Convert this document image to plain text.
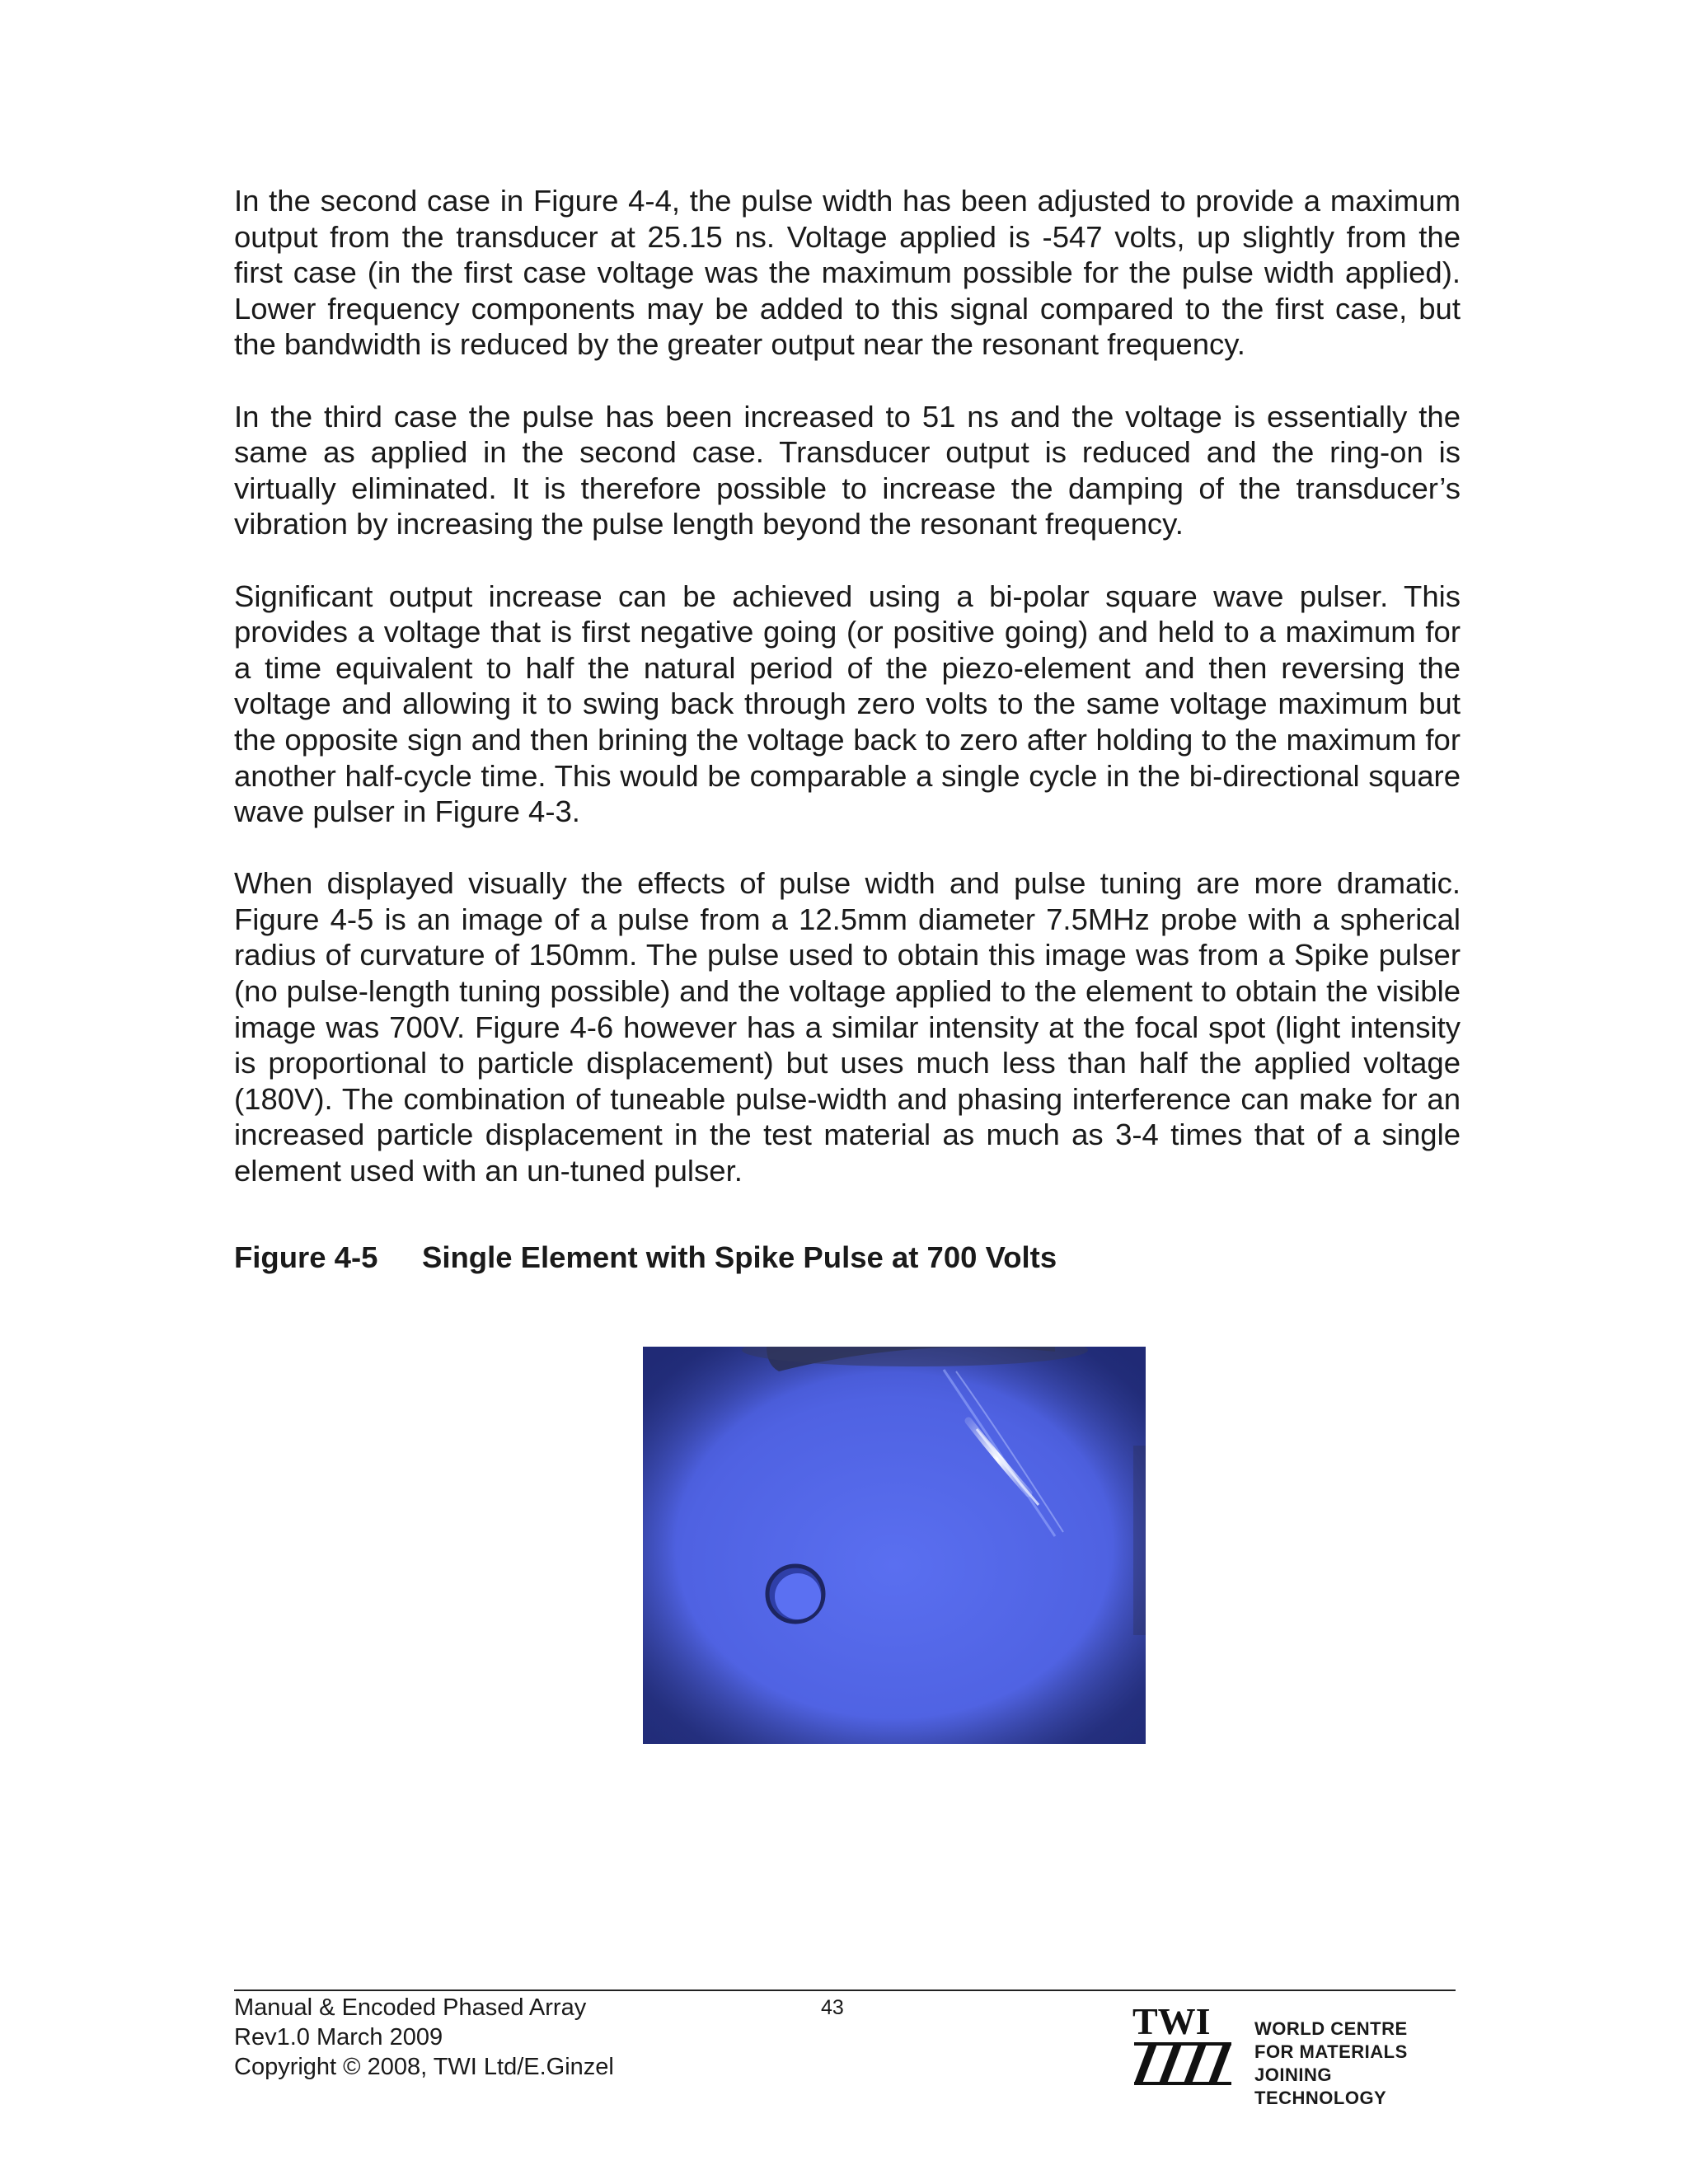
In the second case in Figure 4-4, the pulse width has been adjusted to provide a maximum output from the transducer at 25.15 ns. Voltage applied is -547 volts, up slightly from the first case (in the first case voltage was the maximum possible for the pulse width applied). Lower frequency components may be added to this signal compared to the first case, but the bandwidth is reduced by the greater output near the resonant frequency.

In the third case the pulse has been increased to 51 ns and the voltage is essentially the same as applied in the second case. Transducer output is reduced and the ring-on is virtually eliminated. It is therefore possible to increase the damping of the transducer’s vibration by increasing the pulse length beyond the resonant frequency.

Significant output increase can be achieved using a bi-polar square wave pulser. This provides a voltage that is first negative going (or positive going) and held to a maximum for a time equivalent to half the natural period of the piezo-element and then reversing the voltage and allowing it to swing back through zero volts to the same voltage maximum but the opposite sign and then brining the voltage back to zero after holding to the maximum for another half-cycle time. This would be comparable a single cycle in the bi-directional square wave pulser in Figure 4-3.

When displayed visually the effects of pulse width and pulse tuning are more dramatic. Figure 4-5 is an image of a pulse from a 12.5mm diameter 7.5MHz probe with a spherical radius of curvature of 150mm. The pulse used to obtain this image was from a Spike pulser (no pulse-length tuning possible) and the voltage applied to the element to obtain the visible image was 700V. Figure 4-6 however has a similar intensity at the focal spot (light intensity is proportional to particle displacement) but uses much less than half the applied voltage (180V). The combination of tuneable pulse-width and phasing interference can make for an increased particle displacement in the test material as much as 3-4 times that of a single element used with an un-tuned pulser.

Figure 4-5 Single Element with Spike Pulse at 700 Volts
Manual & Encoded Phased Array
Rev1.0 March 2009
Copyright © 2008, TWI Ltd/E.Ginzel
43	TWI WORLD CENTRE
FOR MATERIALS
JOINING TECHNOLOGY
